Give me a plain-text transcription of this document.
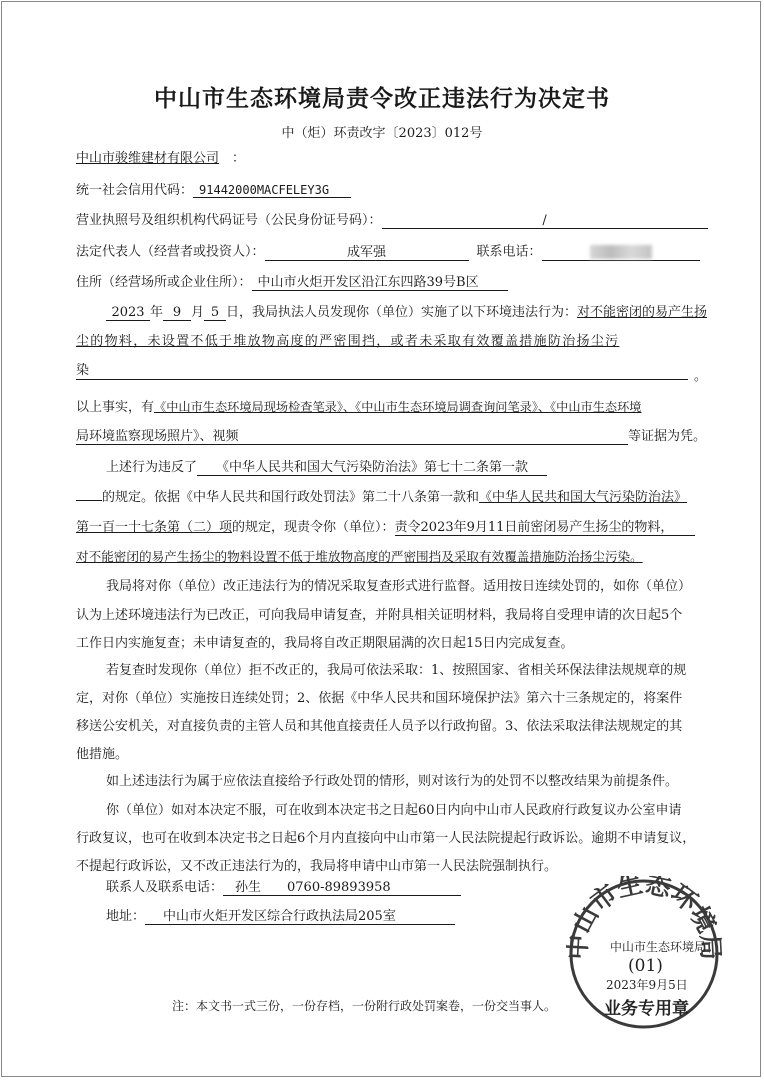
中山市生态环境局责令改正违法行为决定书
中（炬）环责改字〔2023〕012号
中山市骏维建材有限公司　 ：
统一社会信用代码： 91442000MACFELEY3G
营业执照号及组织机构代码证号（公民身份证号码）：	/
法定代表人（经营者或投资人）：	成军强	联系电话：
住所（经营场所或企业住所）： 中山市火炬开发区沿江东四路39号B区
2023 年 9 月 5 日，我局执法人员发现你（单位）实施了以下环境违法行为：对不能密闭的易产生扬
尘的物料，未设置不低于堆放物高度的严密围挡，或者未采取有效覆盖措施防治扬尘污
染	。
以上事实，有《中山市生态环境局现场检查笔录》、《中山市生态环境局调查询问笔录》、《中山市生态环境
局环境监察现场照片》、视频	等证据为凭。
上述行为违反了 《中华人民共和国大气污染防治法》第七十二条第一款
的规定。依据《中华人民共和国行政处罚法》第二十八条第一款和《中华人民共和国大气污染防治法》
第一百一十七条第（二）项的规定，现责令你（单位）：责令2023年9月11日前密闭易产生扬尘的物料，
对不能密闭的易产生扬尘的物料设置不低于堆放物高度的严密围挡及采取有效覆盖措施防治扬尘污染。
我局将对你（单位）改正违法行为的情况采取复查形式进行监督。适用按日连续处罚的，如你（单位）
认为上述环境违法行为已改正，可向我局申请复查，并附具相关证明材料，我局将自受理申请的次日起5个
工作日内实施复查；未申请复查的，我局将自改正期限届满的次日起15日内完成复查。
若复查时发现你（单位）拒不改正的，我局可依法采取：1、按照国家、省相关环保法律法规规章的规
定，对你（单位）实施按日连续处罚；2、依据《中华人民共和国环境保护法》第六十三条规定的，将案件
移送公安机关，对直接负责的主管人员和其他直接责任人员予以行政拘留。3、依法采取法律法规规定的其
他措施。
如上述违法行为属于应依法直接给予行政处罚的情形，则对该行为的处罚不以整改结果为前提条件。
你（单位）如对本决定不服，可在收到本决定书之日起60日内向中山市人民政府行政复议办公室申请
行政复议，也可在收到本决定书之日起6个月内直接向中山市第一人民法院提起行政诉讼。逾期不申请复议，
不提起行政诉讼，又不改正违法行为的，我局将申请中山市第一人民法院强制执行。
联系人及联系电话： 孙生　　0760-89893958
地址： 中山市火炬开发区综合行政执法局205室
注：本文书一式三份，一份存档，一份附行政处罚案卷，一份交当事人。
山市生态环境
中山市生态环境局
(01)
2023年9月5日
业务专用章
